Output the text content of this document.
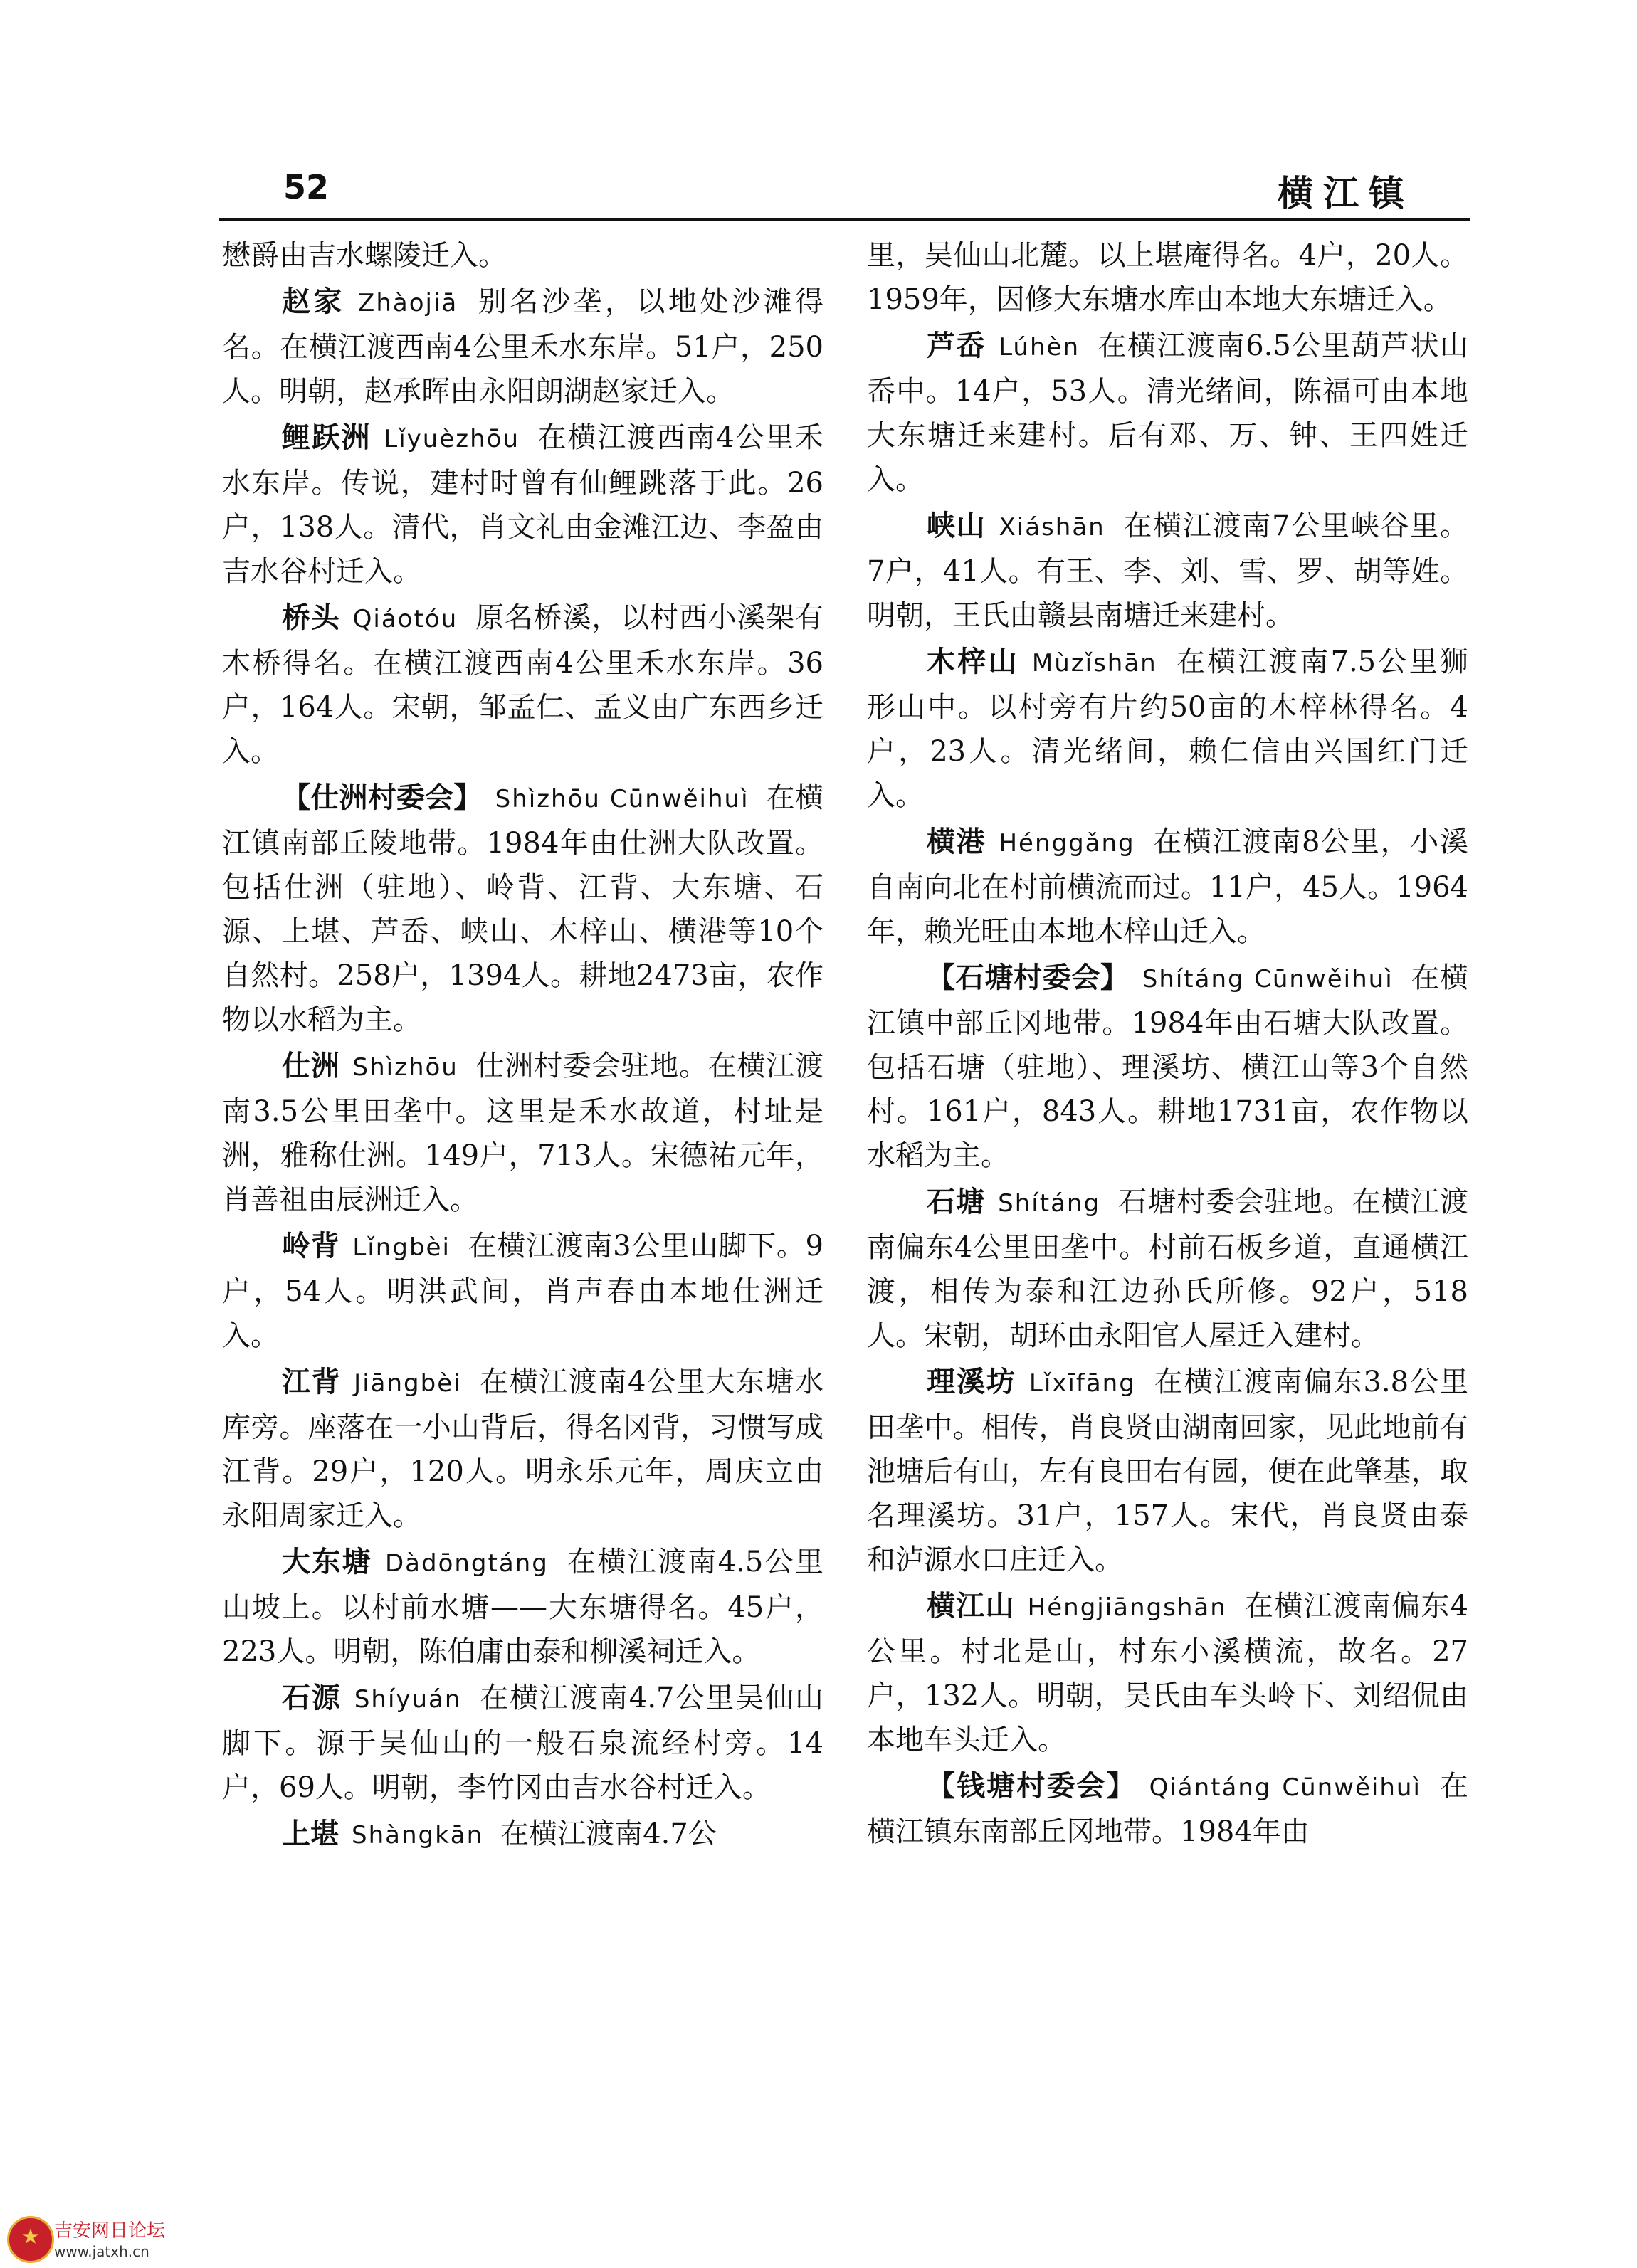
52	横江镇

懋爵由吉水螺陵迁入。

赵家 Zhàojiā 别名沙垄，以地处沙滩得名。在横江渡西南4公里禾水东岸。51户，250人。明朝，赵承晖由永阳朗湖赵家迁入。

鲤跃洲 Lǐyuèzhōu 在横江渡西南4公里禾水东岸。传说，建村时曾有仙鲤跳落于此。26户，138人。清代，肖文礼由金滩江边、李盈由吉水谷村迁入。

桥头 Qiáotóu 原名桥溪，以村西小溪架有木桥得名。在横江渡西南4公里禾水东岸。36户，164人。宋朝，邹孟仁、孟义由广东西乡迁入。

【仕洲村委会】 Shìzhōu Cūnwěihuì 在横江镇南部丘陵地带。1984年由仕洲大队改置。包括仕洲（驻地）、岭背、江背、大东塘、石源、上堪、芦岙、峡山、木梓山、横港等10个自然村。258户，1394人。耕地2473亩，农作物以水稻为主。

仕洲 Shìzhōu 仕洲村委会驻地。在横江渡南3.5公里田垄中。这里是禾水故道，村址是洲，雅称仕洲。149户，713人。宋德祐元年，肖善祖由辰洲迁入。

岭背 Lǐngbèi 在横江渡南3公里山脚下。9户，54人。明洪武间，肖声春由本地仕洲迁入。

江背 Jiāngbèi 在横江渡南4公里大东塘水库旁。座落在一小山背后，得名冈背，习惯写成江背。29户，120人。明永乐元年，周庆立由永阳周家迁入。

大东塘 Dàdōngtáng 在横江渡南4.5公里山坡上。以村前水塘——大东塘得名。45户，223人。明朝，陈伯庸由泰和柳溪祠迁入。

石源 Shíyuán 在横江渡南4.7公里吴仙山脚下。源于吴仙山的一般石泉流经村旁。14户，69人。明朝，李竹冈由吉水谷村迁入。

上堪 Shàngkān 在横江渡南4.7公

里，吴仙山北麓。以上堪庵得名。4户，20人。1959年，因修大东塘水库由本地大东塘迁入。

芦岙 Lúhèn 在横江渡南6.5公里葫芦状山岙中。14户，53人。清光绪间，陈福可由本地大东塘迁来建村。后有邓、万、钟、王四姓迁入。

峡山 Xiáshān 在横江渡南7公里峡谷里。7户，41人。有王、李、刘、雪、罗、胡等姓。明朝，王氏由赣县南塘迁来建村。

木梓山 Mùzǐshān 在横江渡南7.5公里狮形山中。以村旁有片约50亩的木梓林得名。4户，23人。清光绪间，赖仁信由兴国红门迁入。

横港 Hénggǎng 在横江渡南8公里，小溪自南向北在村前横流而过。11户，45人。1964年，赖光旺由本地木梓山迁入。

【石塘村委会】 Shítáng Cūnwěihuì 在横江镇中部丘冈地带。1984年由石塘大队改置。包括石塘（驻地）、理溪坊、横江山等3个自然村。161户，843人。耕地1731亩，农作物以水稻为主。

石塘 Shítáng 石塘村委会驻地。在横江渡南偏东4公里田垄中。村前石板乡道，直通横江渡，相传为泰和江边孙氏所修。92户，518人。宋朝，胡环由永阳官人屋迁入建村。

理溪坊 Lǐxīfāng 在横江渡南偏东3.8公里田垄中。相传，肖良贤由湖南回家，见此地前有池塘后有山，左有良田右有园，便在此肇基，取名理溪坊。31户，157人。宋代，肖良贤由泰和泸源水口庄迁入。

横江山 Héngjiāngshān 在横江渡南偏东4公里。村北是山，村东小溪横流，故名。27户，132人。明朝，吴氏由车头岭下、刘绍侃由本地车头迁入。

【钱塘村委会】 Qiántáng Cūnwěihuì 在横江镇东南部丘冈地带。1984年由

吉安网日论坛
www.jatxh.cn
